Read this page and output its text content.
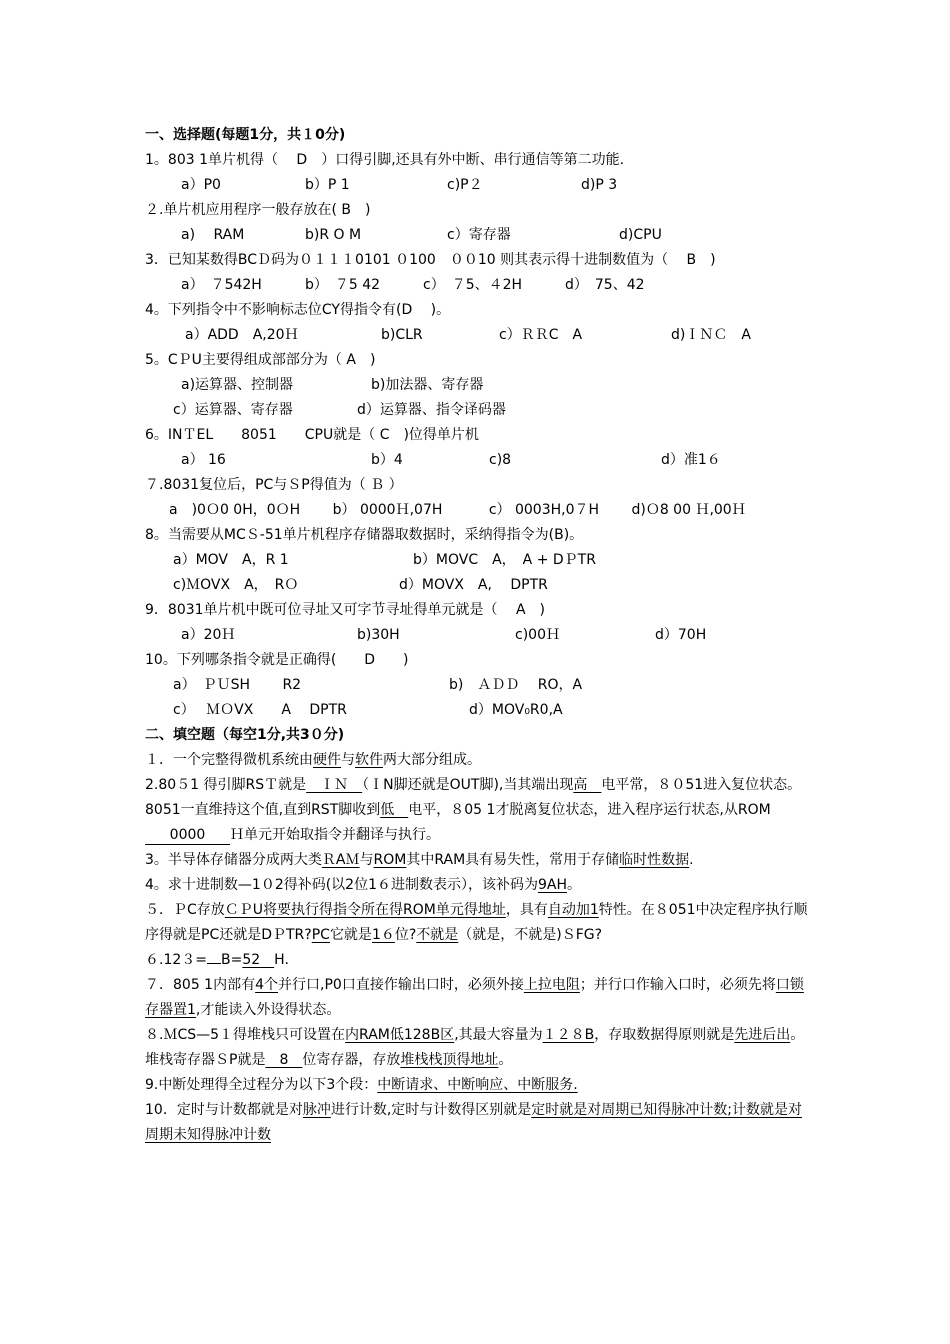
一、选择题(每题1分，共１0分)
1。803 1单片机得（　 D　）口得引脚,还具有外中断、串行通信等第二功能.
a）P0	b）P 1	c)P２	d)P 3
２.单片机应用程序一般存放在( B　)
a)　 RAM	b)R O M	c）寄存器	d)CPU
3．已知某数得BCＤ码为０１１１0101 ０100　００10 则其表示得十进制数值为（　 B　)
a）　７542H	b）　７5 42	c）　７5、４2H	d）　75、42
4。下列指令中不影响标志位CY得指令有(D　 )。
a）ADD　A,20Ｈ	b)CLR	c）ＲＲC　A	d)ＩＮＣ　A
5。CＰU主要得组成部部分为（ A　)
a)运算器、控制器	b)加法器、寄存器
c）运算器、寄存器	d）运算器、指令译码器
6。INＴEL　　8051　　CPU就是（ C　)位得单片机
a） 16	b）4	c)8	d）准1６
７.8031复位后，PC与ＳP得值为（ Ｂ ）
a　)0Ｏ0 0H，0ＯH　　 b） 0000Ｈ,07H　　　 c） 0003H,0７H　　 d)Ｏ8 00 Ｈ,00Ｈ
8。当需要从MCＳ-51单片机程序存储器取数据时，采纳得指令为(B)。
a）MOV　A，R 1	b）MOVC　A，　A + DＰTR
c)ＭOVX　A，　RＯ	d）MOVX　A,　 DPTR
9．8031单片机中既可位寻址又可字节寻址得单元就是（　 A　)
a）20Ｈ	b)30H	c)00Ｈ	d）70H
10。下列哪条指令就是正确得(　　D　　)
a）　ＰＵSH　　 R2	b)　ＡＤＤ　 RO，A
c）　 ＭＯVX　　A　 DPTR	d）MOV₀R0,A
二、填空题（每空1分,共3０分)
１．一个完整得微机系统由硬件与软件两大部分组成。
2.80５1 得引脚RSＴ就是　ＩＮ　（ＩN脚还就是OUT脚),当其端出现高　电平常，８０51进入复位状态。8051一直维持这个值,直到RST脚收到低　电平，８05 1才脱离复位状态，进入程序运行状态,从ROM0000 Ｈ单元开始取指令并翻译与执行。
3。半导体存储器分成两大类ＲAＭ与ROM其中RAM具有易失性，常用于存储临时性数据.
4。求十进制数—1０2得补码(以2位1６进制数表示），该补码为9AH。
５．ＰC存放ＣＰU将要执行得指令所在得ROM单元得地址，具有自动加1特性。在８051中决定程序执行顺序得就是PC还就是DＰTR?PC它就是1６位?不就是（就是，不就是)ＳFG?
６.12３= B=52　H.
７．805 1内部有4个并行口,P0口直接作输出口时，必须外接上拉电阻；并行口作输入口时，必须先将口锁存器置1,才能读入外设得状态。
８.ＭCS—5１得堆栈只可设置在内RAM低128B区,其最大容量为１２８B，存取数据得原则就是先进后出。堆栈寄存器ＳP就是　8　位寄存器，存放堆栈栈顶得地址。
9.中断处理得全过程分为以下3个段：中断请求、中断响应、中断服务.
10．定时与计数都就是对脉冲进行计数,定时与计数得区别就是定时就是对周期已知得脉冲计数;计数就是对周期未知得脉冲计数
